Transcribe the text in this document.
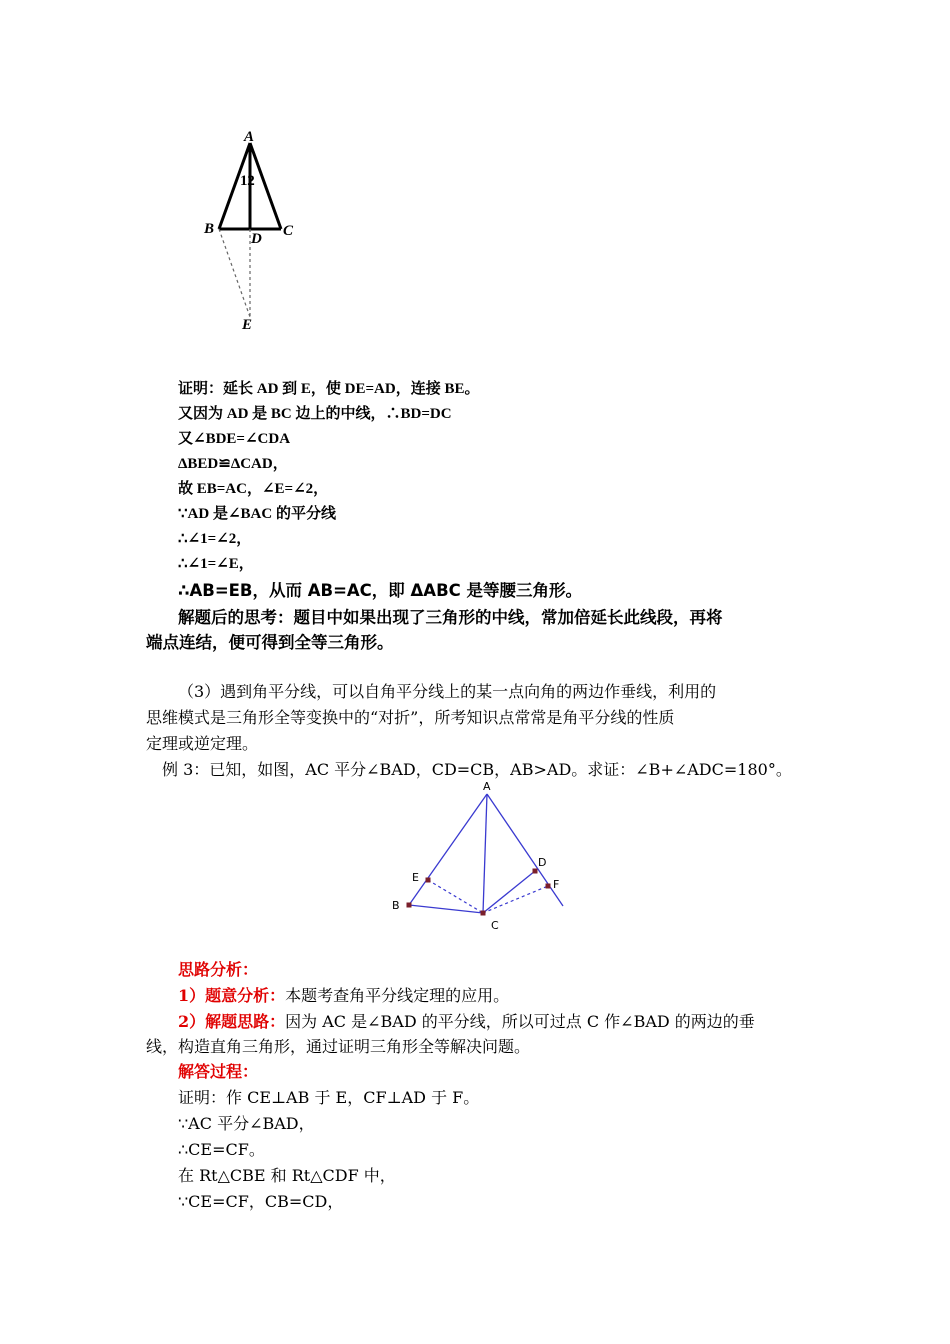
A
1 2
B
D C
E
证明：延长 AD 到 E，使 DE=AD，连接 BE。
又因为 AD 是 BC 边上的中线，∴BD=DC
又∠BDE=∠CDA
ΔBED≌ΔCAD，
故 EB=AC，∠E=∠2，
∵AD 是∠BAC 的平分线
∴∠1=∠2，
∴∠1=∠E，
∴AB=EB，从而 AB=AC，即 ΔABC 是等腰三角形。
解题后的思考：题目中如果出现了三角形的中线，常加倍延长此线段，再将
端点连结，便可得到全等三角形。
（3）遇到角平分线，可以自角平分线上的某一点向角的两边作垂线，利用的
思维模式是三角形全等变换中的“对折”，所考知识点常常是角平分线的性质
定理或逆定理。
例 3：已知，如图，AC 平分∠BAD，CD=CB，AB>AD。求证：∠B+∠ADC=180°。
A
E
B
C
D
F
思路分析：
1）题意分析：本题考查角平分线定理的应用。
2）解题思路：因为 AC 是∠BAD 的平分线，所以可过点 C 作∠BAD 的两边的垂
线，构造直角三角形，通过证明三角形全等解决问题。
解答过程：
证明：作 CE⊥AB 于 E，CF⊥AD 于 F。
∵AC 平分∠BAD，
∴CE=CF。
在 Rt△CBE 和 Rt△CDF 中，
∵CE=CF，CB=CD，
